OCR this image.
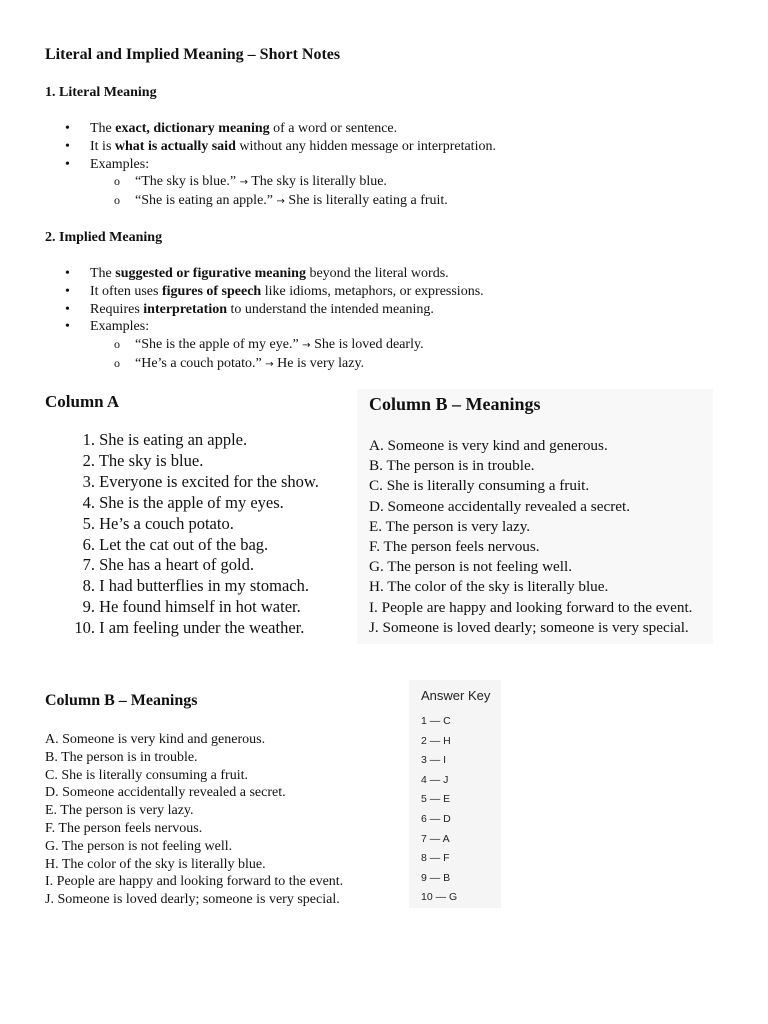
Literal and Implied Meaning – Short Notes
1. Literal Meaning
• The exact, dictionary meaning of a word or sentence.
• It is what is actually said without any hidden message or interpretation.
• Examples:
o “The sky is blue.” → The sky is literally blue.
o “She is eating an apple.” → She is literally eating a fruit.
2. Implied Meaning
• The suggested or figurative meaning beyond the literal words.
• It often uses figures of speech like idioms, metaphors, or expressions.
• Requires interpretation to understand the intended meaning.
• Examples:
o “She is the apple of my eye.” → She is loved dearly.
o “He’s a couch potato.” → He is very lazy.
Column A
1. She is eating an apple.
2. The sky is blue.
3. Everyone is excited for the show.
4. She is the apple of my eyes.
5. He’s a couch potato.
6. Let the cat out of the bag.
7. She has a heart of gold.
8. I had butterflies in my stomach.
9. He found himself in hot water.
10. I am feeling under the weather.
Column B – Meanings
A. Someone is very kind and generous.
B. The person is in trouble.
C. She is literally consuming a fruit.
D. Someone accidentally revealed a secret.
E. The person is very lazy.
F. The person feels nervous.
G. The person is not feeling well.
H. The color of the sky is literally blue.
I. People are happy and looking forward to the event.
J. Someone is loved dearly; someone is very special.
Column B – Meanings
A. Someone is very kind and generous.
B. The person is in trouble.
C. She is literally consuming a fruit.
D. Someone accidentally revealed a secret.
E. The person is very lazy.
F. The person feels nervous.
G. The person is not feeling well.
H. The color of the sky is literally blue.
I. People are happy and looking forward to the event.
J. Someone is loved dearly; someone is very special.
Answer Key
1 — C
2 — H
3 — I
4 — J
5 — E
6 — D
7 — A
8 — F
9 — B
10 — G
